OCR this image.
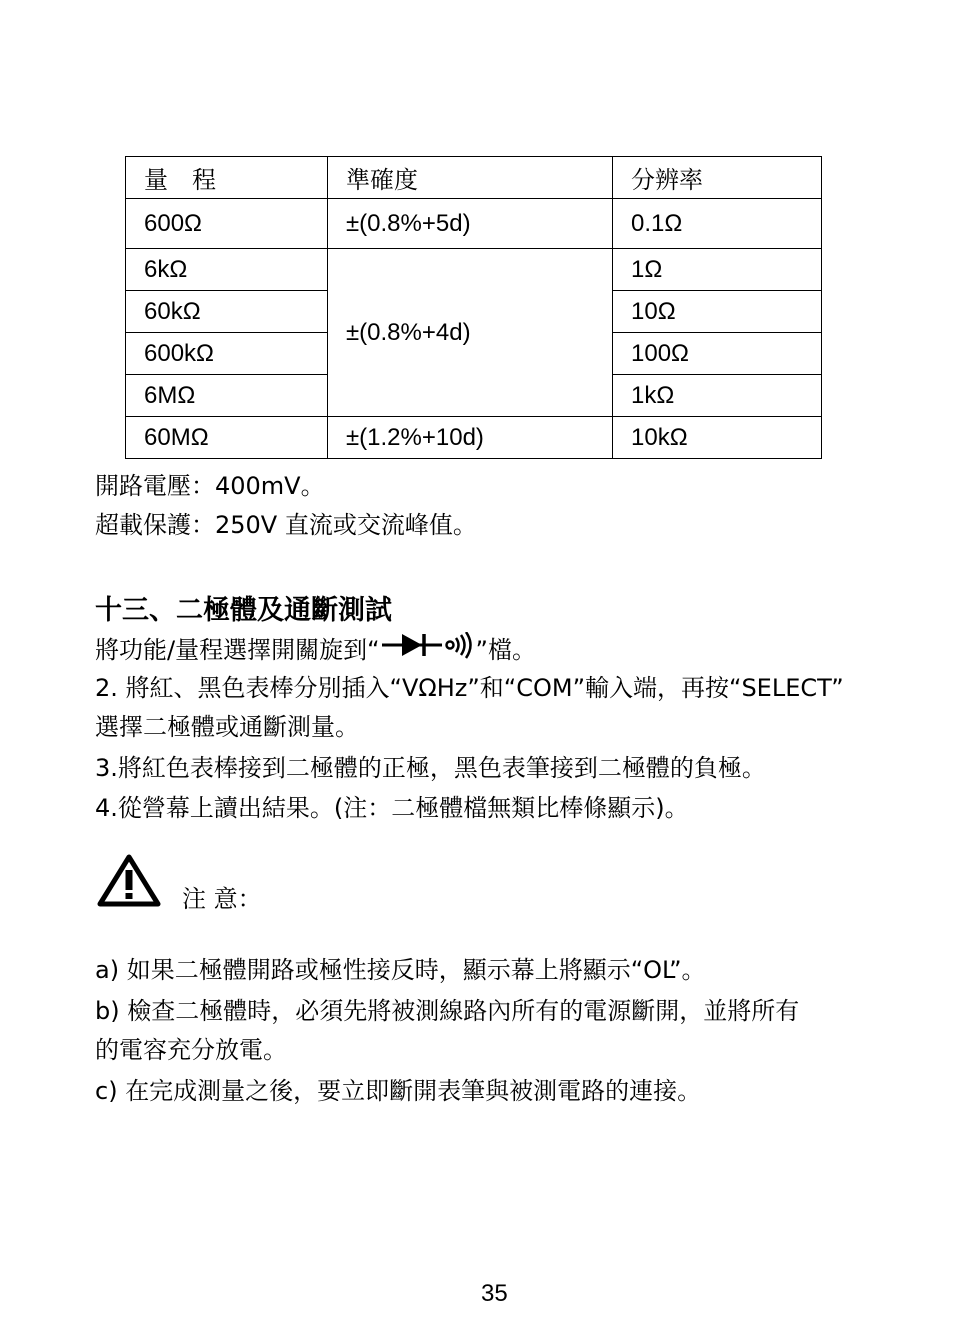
量　程	準確度	分辨率
600Ω	±(0.8%+5d)	0.1Ω
6kΩ	±(0.8%+4d)	1Ω
60kΩ		10Ω
600kΩ		100Ω
6MΩ		1kΩ
60MΩ	±(1.2%+10d)	10kΩ
開路電壓：400mV。
超載保護：250V 直流或交流峰值。
十三、二極體及通斷測試
將功能/量程選擇開關旋到“	”檔。
2. 將紅、黑色表棒分別插入“VΩHz”和“COM”輸入端，再按“SELECT”
選擇二極體或通斷測量。
3.將紅色表棒接到二極體的正極，黑色表筆接到二極體的負極。
4.從營幕上讀出結果。(注：二極體檔無類比棒條顯示)。
注 意：
a) 如果二極體開路或極性接反時，顯示幕上將顯示“OL”。
b) 檢查二極體時，必須先將被測線路內所有的電源斷開，並將所有
的電容充分放電。
c) 在完成測量之後，要立即斷開表筆與被測電路的連接。
35
